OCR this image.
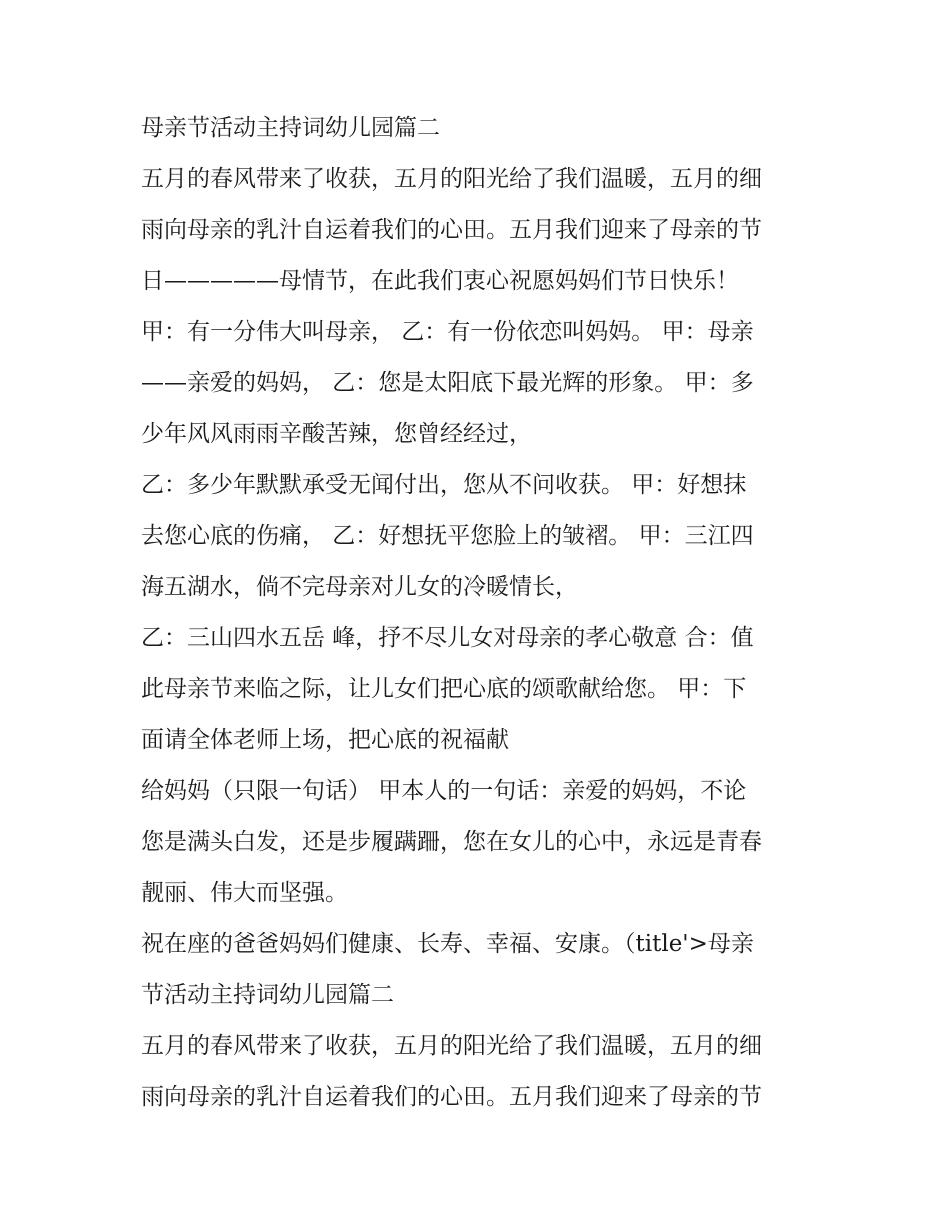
母亲节活动主持词幼儿园篇二

五月的春风带来了收获，五月的阳光给了我们温暖，五月的细

雨向母亲的乳汁自运着我们的心田。五月我们迎来了母亲的节

日—————母情节，在此我们衷心祝愿妈妈们节日快乐！

甲：有一分伟大叫母亲， 乙：有一份依恋叫妈妈。 甲：母亲

——亲爱的妈妈， 乙：您是太阳底下最光辉的形象。 甲：多

少年风风雨雨辛酸苦辣，您曾经经过，

乙：多少年默默承受无闻付出，您从不问收获。 甲：好想抹

去您心底的伤痛， 乙：好想抚平您脸上的皱褶。 甲：三江四

海五湖水，倘不完母亲对儿女的冷暖情长，

乙：三山四水五岳 峰，抒不尽儿女对母亲的孝心敬意 合：值

此母亲节来临之际，让儿女们把心底的颂歌献给您。 甲：下

面请全体老师上场，把心底的祝福献

给妈妈（只限一句话） 甲本人的一句话：亲爱的妈妈，不论

您是满头白发，还是步履蹒跚，您在女儿的心中，永远是青春

靓丽、伟大而坚强。

祝在座的爸爸妈妈们健康、长寿、幸福、安康。（title'>母亲

节活动主持词幼儿园篇二

五月的春风带来了收获，五月的阳光给了我们温暖，五月的细

雨向母亲的乳汁自运着我们的心田。五月我们迎来了母亲的节
